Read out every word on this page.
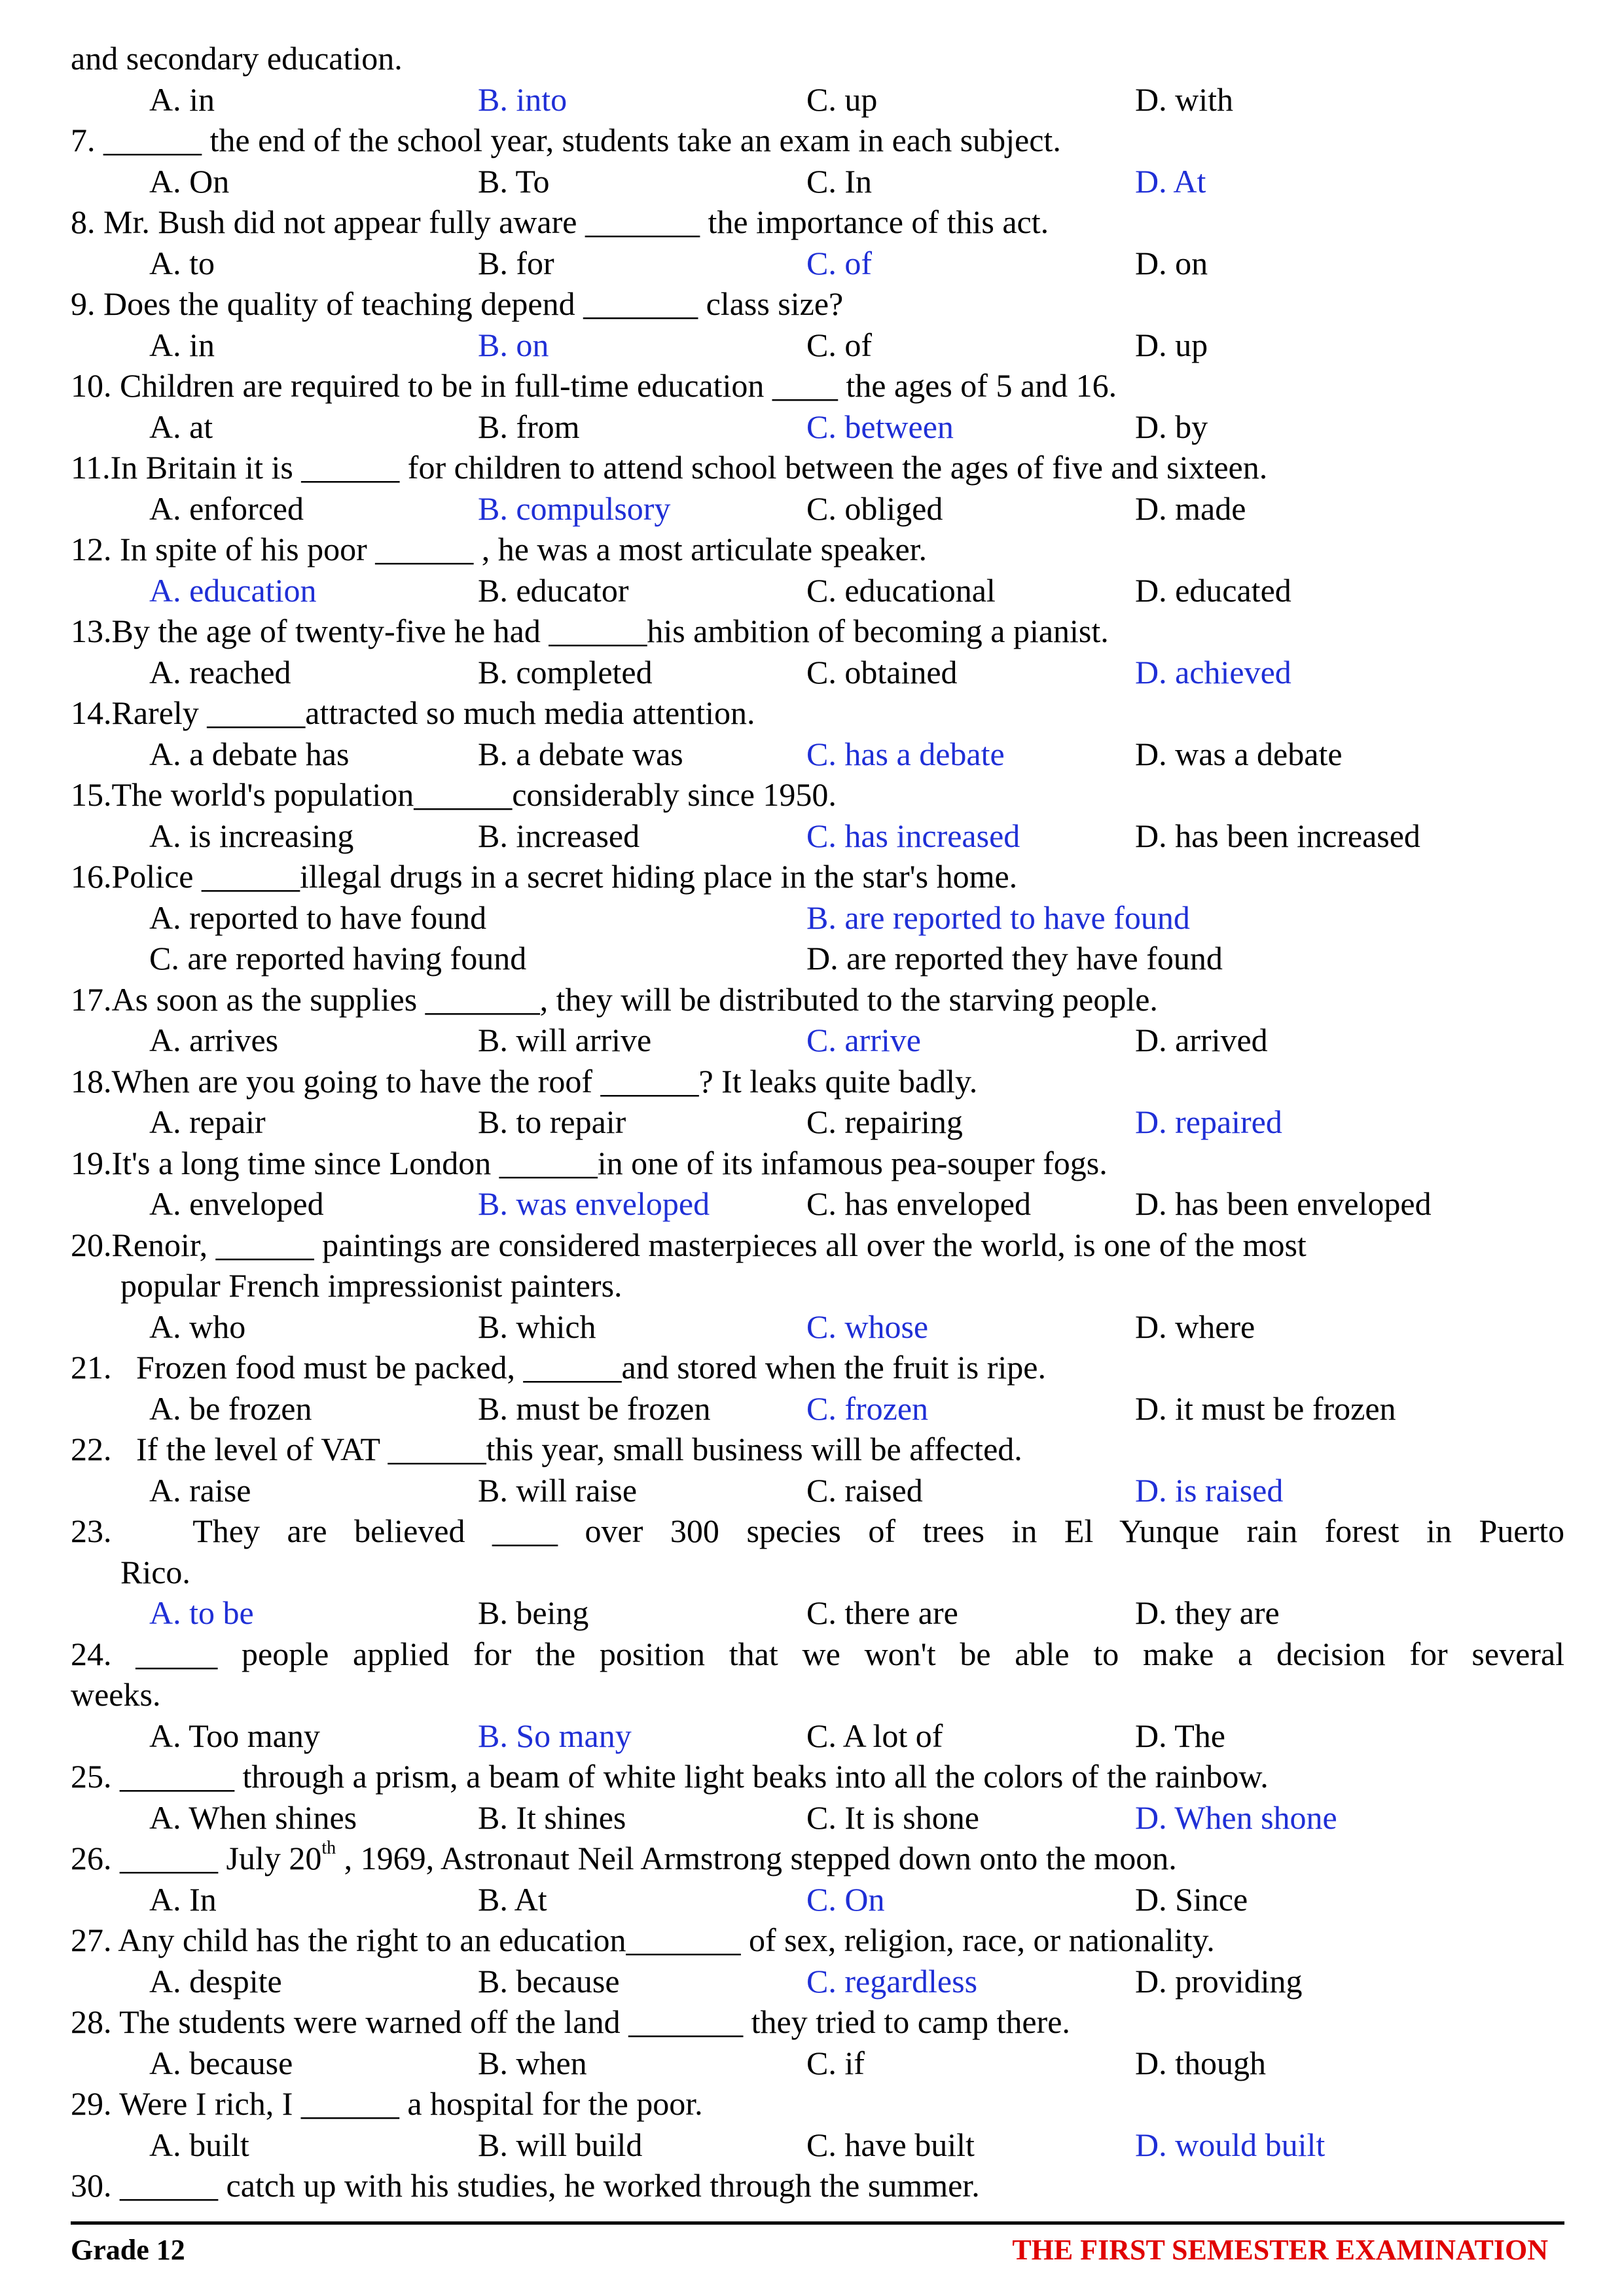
and secondary education.
A. in	B. into	C. up	D. with
7. ______ the end of the school year, students take an exam in each subject.
A. On	B. To	C. In	D. At
8. Mr. Bush did not appear fully aware _______ the importance of this act.
A. to	B. for	C. of	D. on
9. Does the quality of teaching depend _______ class size?
A. in	B. on	C. of	D. up
10. Children are required to be in full-time education ____ the ages of 5 and 16.
A. at	B. from	C. between	D. by
11.In Britain it is ______ for children to attend school between the ages of five and sixteen.
A. enforced	B. compulsory	C. obliged	D. made
12. In spite of his poor ______ , he was a most articulate speaker.
A. education	B. educator	C. educational	D. educated
13.By the age of twenty-five he had ______his ambition of becoming a pianist.
A. reached	B. completed	C. obtained	D. achieved
14.Rarely ______attracted so much media attention.
A. a debate has	B. a debate was	C. has a debate	D. was a debate
15.The world's population______considerably since 1950.
A. is increasing	B. increased	C. has increased	D. has been increased
16.Police ______illegal drugs in a secret hiding place in the star's home.
A. reported to have found	B. are reported to have found
C. are reported having found	D. are reported they have found
17.As soon as the supplies _______, they will be distributed to the starving people.
A. arrives	B. will arrive	C. arrive	D. arrived
18.When are you going to have the roof ______? It leaks quite badly.
A. repair	B. to repair	C. repairing	D. repaired
19.It's a long time since London ______in one of its infamous pea-souper fogs.
A. enveloped	B. was enveloped	C. has enveloped	D. has been enveloped
20.Renoir, ______ paintings are considered masterpieces all over the world, is one of the most
popular French impressionist painters.
A. who	B. which	C. whose	D. where
21. Frozen food must be packed, ______and stored when the fruit is ripe.
A. be frozen	B. must be frozen	C. frozen	D. it must be frozen
22. If the level of VAT ______this year, small business will be affected.
A. raise	B. will raise	C. raised	D. is raised
23. They are believed ____ over 300 species of trees in El Yunque rain forest in Puerto
Rico.
A. to be	B. being	C. there are	D. they are
24. _____ people applied for the position that we won't be able to make a decision for several
weeks.
A. Too many	B. So many	C. A lot of	D. The
25. _______ through a prism, a beam of white light beaks into all the colors of the rainbow.
A. When shines	B. It shines	C. It is shone	D. When shone
26. ______ July 20th , 1969, Astronaut Neil Armstrong stepped down onto the moon.
A. In	B. At	C. On	D. Since
27. Any child has the right to an education_______ of sex, religion, race, or nationality.
A. despite	B. because	C. regardless	D. providing
28. The students were warned off the land _______ they tried to camp there.
A. because	B. when	C. if	D. though
29. Were I rich, I ______ a hospital for the poor.
A. built	B. will build	C. have built	D. would built
30. ______ catch up with his studies, he worked through the summer.
Grade 12	THE FIRST SEMESTER EXAMINATION
